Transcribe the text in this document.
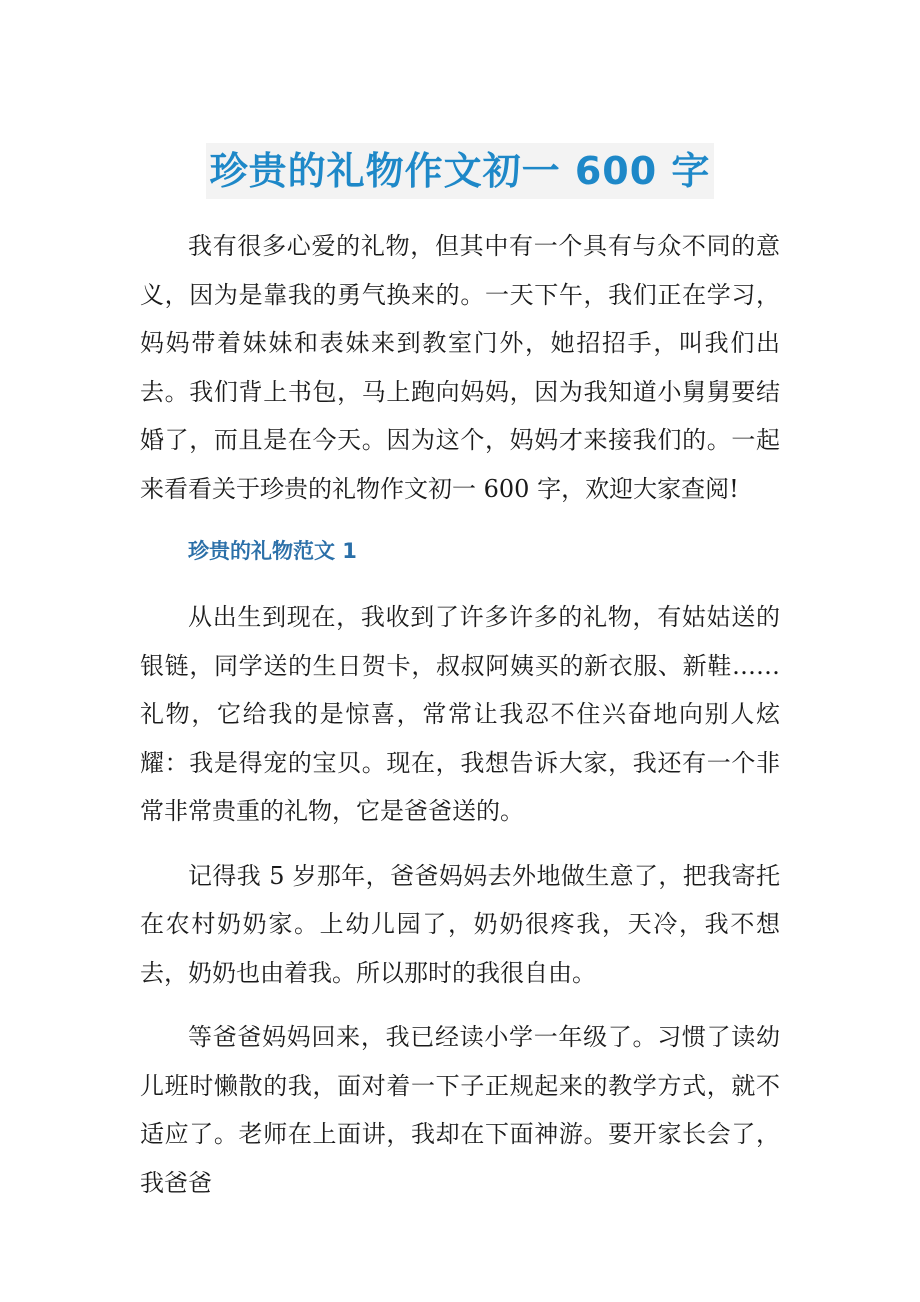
珍贵的礼物作文初一 600 字

我有很多心爱的礼物，但其中有一个具有与众不同的意义，因为是靠我的勇气换来的。一天下午，我们正在学习，妈妈带着妹妹和表妹来到教室门外，她招招手，叫我们出去。我们背上书包，马上跑向妈妈，因为我知道小舅舅要结婚了，而且是在今天。因为这个，妈妈才来接我们的。一起来看看关于珍贵的礼物作文初一 600 字，欢迎大家查阅!

珍贵的礼物范文 1

从出生到现在，我收到了许多许多的礼物，有姑姑送的银链，同学送的生日贺卡，叔叔阿姨买的新衣服、新鞋……礼物，它给我的是惊喜，常常让我忍不住兴奋地向别人炫耀：我是得宠的宝贝。现在，我想告诉大家，我还有一个非常非常贵重的礼物，它是爸爸送的。

记得我 5 岁那年，爸爸妈妈去外地做生意了，把我寄托在农村奶奶家。上幼儿园了，奶奶很疼我，天冷，我不想去，奶奶也由着我。所以那时的我很自由。

等爸爸妈妈回来，我已经读小学一年级了。习惯了读幼儿班时懒散的我，面对着一下子正规起来的教学方式，就不适应了。老师在上面讲，我却在下面神游。要开家长会了，我爸爸
